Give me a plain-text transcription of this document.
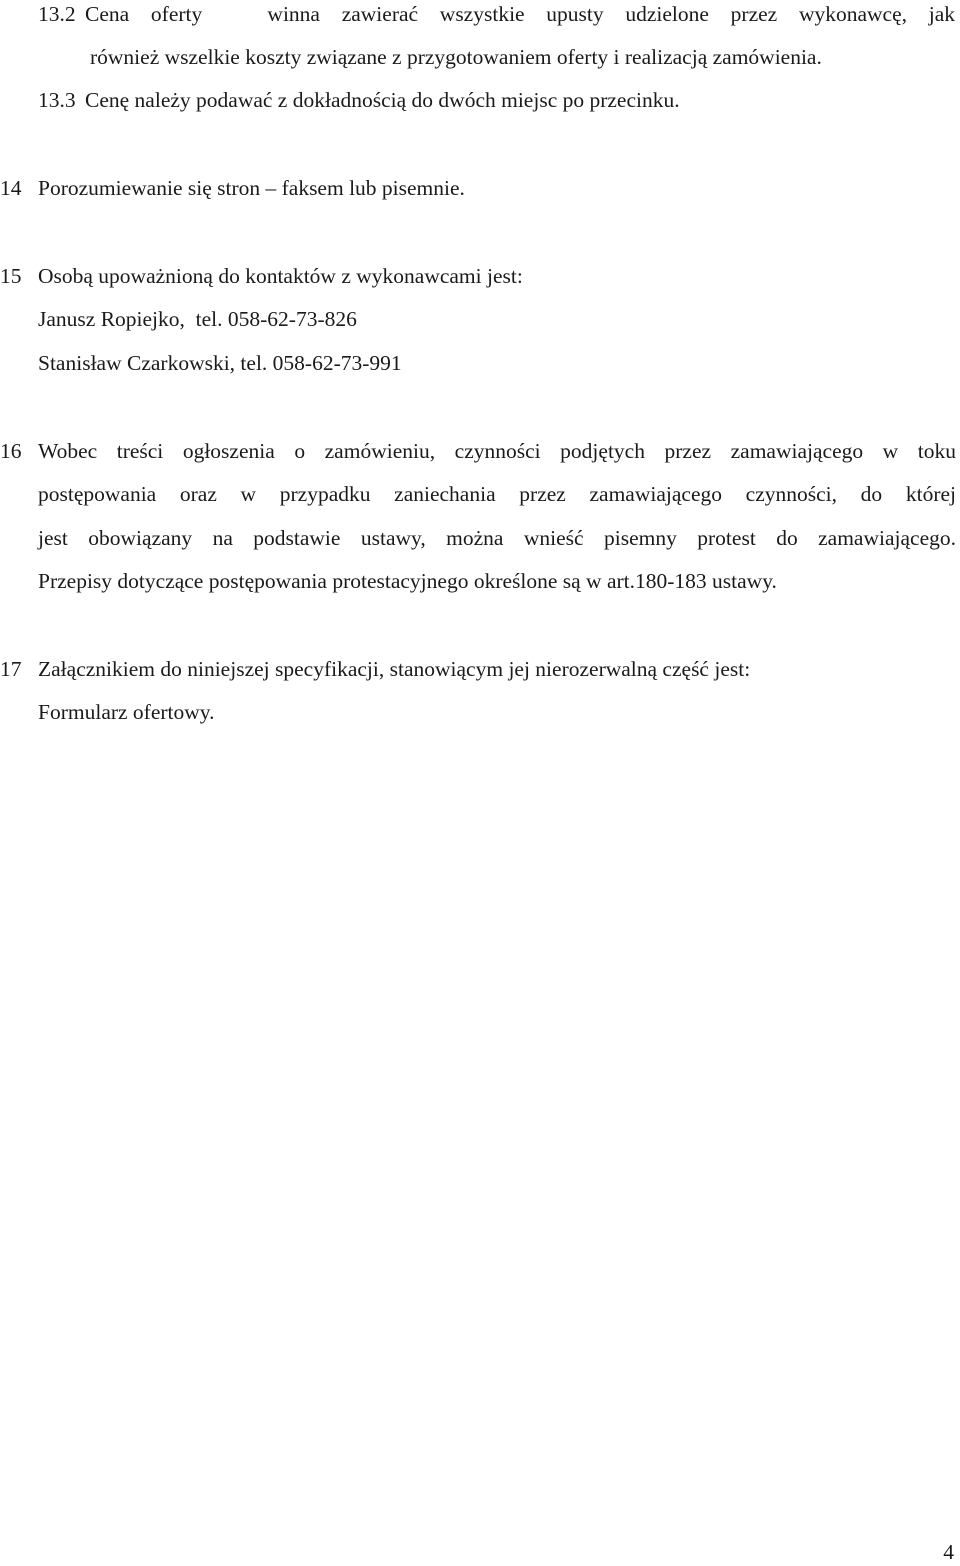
13.2 Cena oferty   winna zawierać wszystkie upusty udzielone przez wykonawcę, jak
również wszelkie koszty związane z przygotowaniem oferty i realizacją zamówienia.
13.3 Cenę należy podawać z dokładnością do dwóch miejsc po przecinku.
14 Porozumiewanie się stron – faksem lub pisemnie.
15 Osobą upoważnioną do kontaktów z wykonawcami jest:
Janusz Ropiejko,  tel. 058-62-73-826
Stanisław Czarkowski, tel. 058-62-73-991
16 Wobec treści ogłoszenia o zamówieniu, czynności podjętych przez zamawiającego w toku
postępowania oraz w przypadku zaniechania przez zamawiającego czynności, do której
jest obowiązany na podstawie ustawy, można wnieść pisemny protest do zamawiającego.
Przepisy dotyczące postępowania protestacyjnego określone są w art.180-183 ustawy.
17 Załącznikiem do niniejszej specyfikacji, stanowiącym jej nierozerwalną część jest:
Formularz ofertowy.
4
